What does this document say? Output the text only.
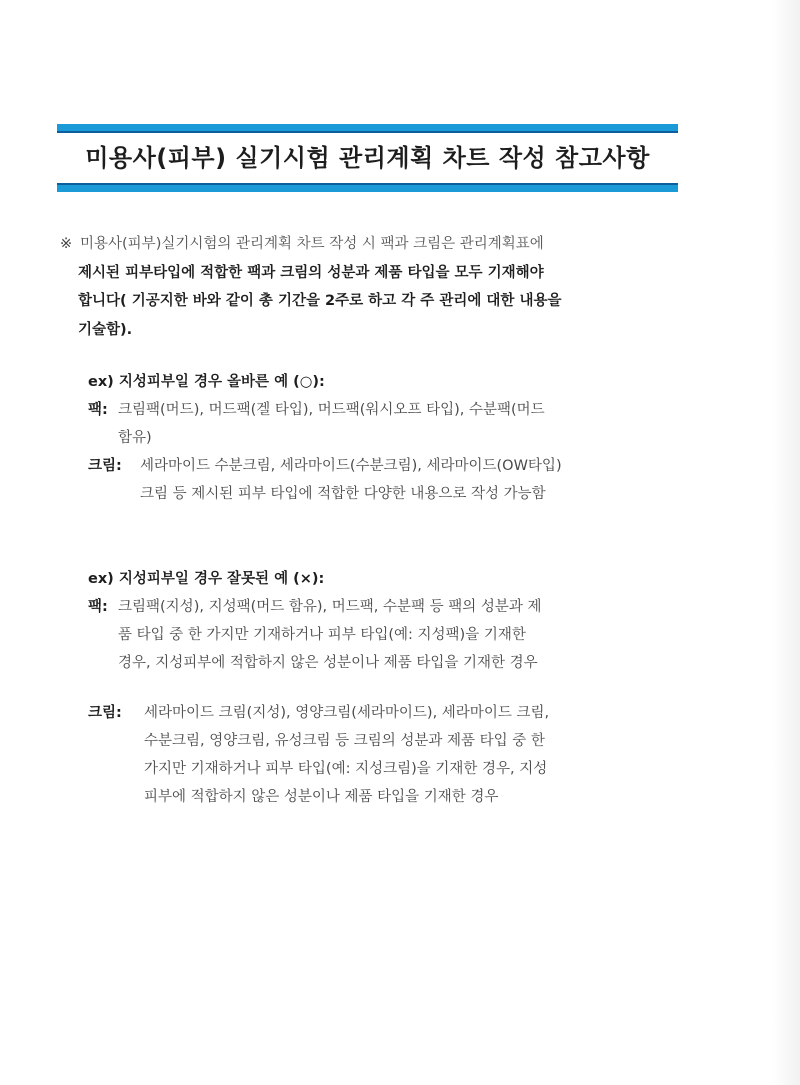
미용사(피부) 실기시험 관리계획 차트 작성 참고사항
※ 미용사(피부)실기시험의 관리계획 차트 작성 시 팩과 크림은 관리계획표에
제시된 피부타입에 적합한 팩과 크림의 성분과 제품 타입을 모두 기재해야
합니다( 기공지한 바와 같이 총 기간을 2주로 하고 각 주 관리에 대한 내용을
기술함).
ex) 지성피부일 경우 올바른 예 (○):
팩: 크림팩(머드), 머드팩(겔 타입), 머드팩(워시오프 타입), 수분팩(머드
함유)
크림: 세라마이드 수분크림, 세라마이드(수분크림), 세라마이드(OW타입)
크림 등 제시된 피부 타입에 적합한 다양한 내용으로 작성 가능함
ex) 지성피부일 경우 잘못된 예 (×):
팩: 크림팩(지성), 지성팩(머드 함유), 머드팩, 수분팩 등 팩의 성분과 제
품 타입 중 한 가지만 기재하거나 피부 타입(예: 지성팩)을 기재한
경우, 지성피부에 적합하지 않은 성분이나 제품 타입을 기재한 경우
크림: 세라마이드 크림(지성), 영양크림(세라마이드), 세라마이드 크림,
수분크림, 영양크림, 유성크림 등 크림의 성분과 제품 타입 중 한
가지만 기재하거나 피부 타입(예: 지성크림)을 기재한 경우, 지성
피부에 적합하지 않은 성분이나 제품 타입을 기재한 경우
